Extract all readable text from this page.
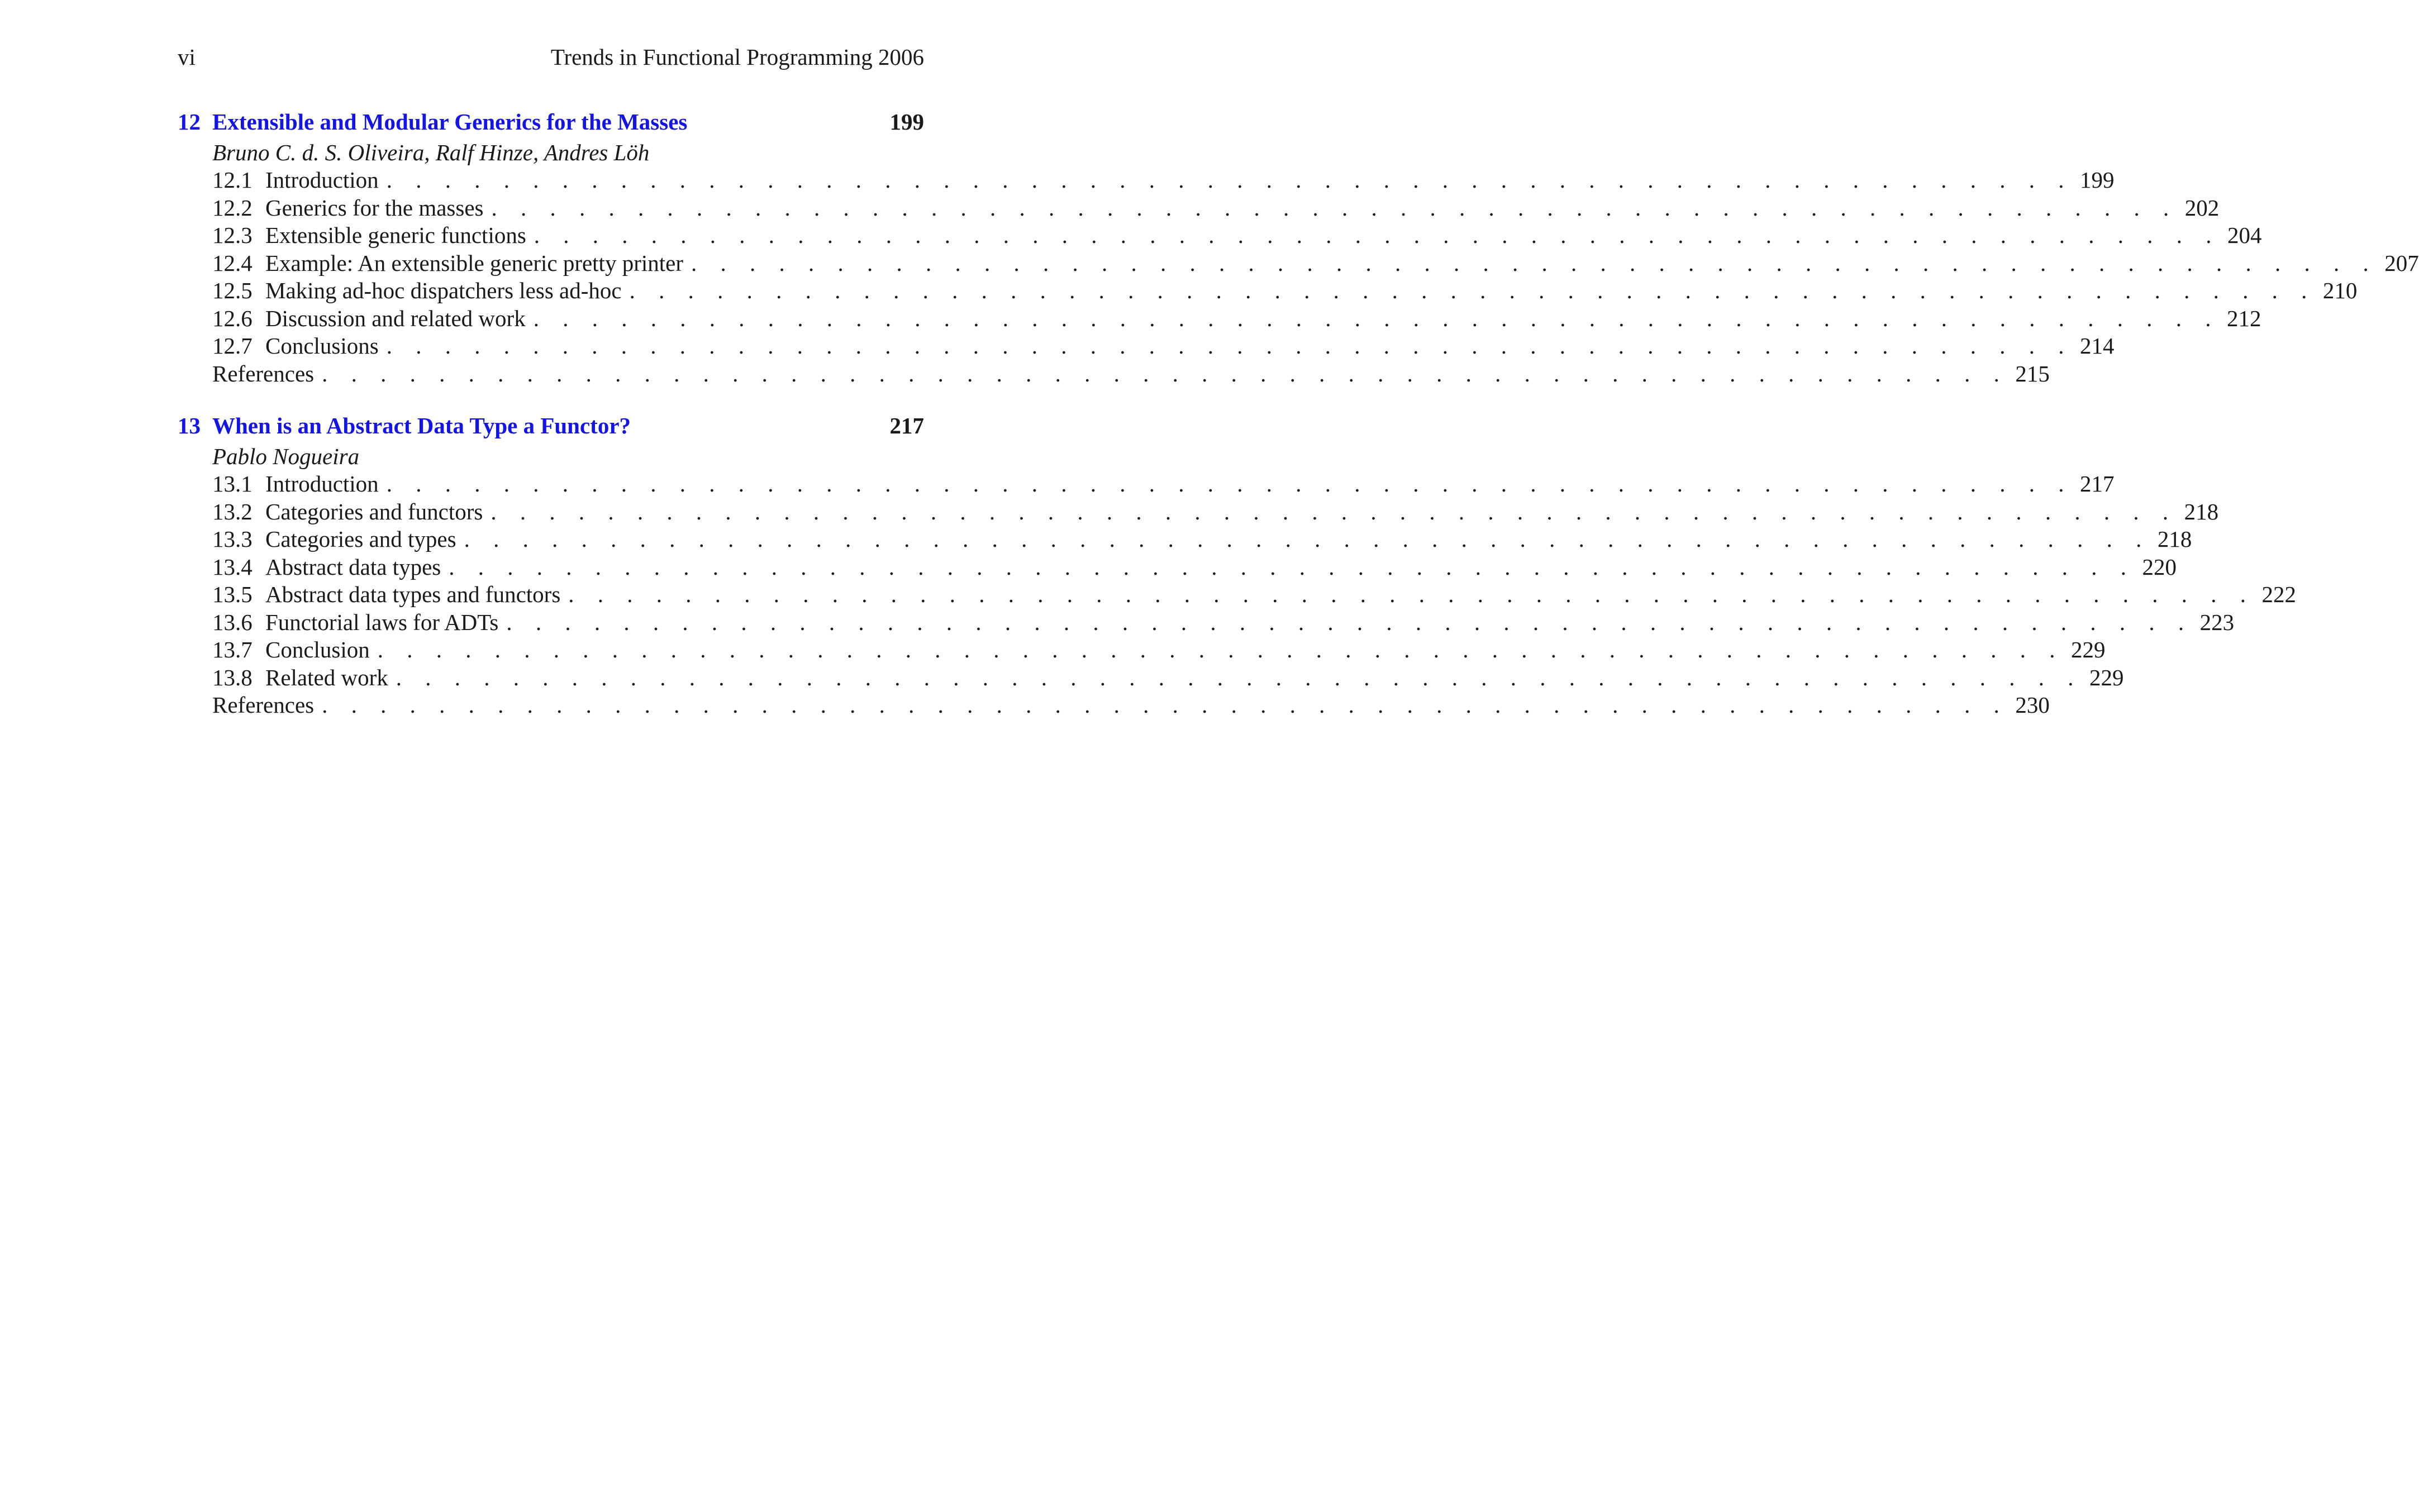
vi	Trends in Functional Programming 2006
12 Extensible and Modular Generics for the Masses	199
Bruno C. d. S. Oliveira, Ralf Hinze, Andres Löh
12.1 Introduction . . . . . . . . . . . . . . . . . . . . . . . . . . . . . . . . . . . . . . . . . . . . . . . . . . . . . . . . . . 199
12.2 Generics for the masses . . . . . . . . . . . . . . . . . . . . . . . . . . . . . . . . . . . . . . . . . . . . . . . . . . . . . . . . . . 202
12.3 Extensible generic functions . . . . . . . . . . . . . . . . . . . . . . . . . . . . . . . . . . . . . . . . . . . . . . . . . . . . . . . . . . 204
12.4 Example: An extensible generic pretty printer . . . . . . . . . . . . . . . . . . . . . . . . . . . . . . . . . . . . . . . . . . . . . . . . . . . . . . . . . . 207
12.5 Making ad-hoc dispatchers less ad-hoc . . . . . . . . . . . . . . . . . . . . . . . . . . . . . . . . . . . . . . . . . . . . . . . . . . . . . . . . . . 210
12.6 Discussion and related work . . . . . . . . . . . . . . . . . . . . . . . . . . . . . . . . . . . . . . . . . . . . . . . . . . . . . . . . . . 212
12.7 Conclusions . . . . . . . . . . . . . . . . . . . . . . . . . . . . . . . . . . . . . . . . . . . . . . . . . . . . . . . . . . 214
References . . . . . . . . . . . . . . . . . . . . . . . . . . . . . . . . . . . . . . . . . . . . . . . . . . . . . . . . . . 215
13 When is an Abstract Data Type a Functor?	217
Pablo Nogueira
13.1 Introduction . . . . . . . . . . . . . . . . . . . . . . . . . . . . . . . . . . . . . . . . . . . . . . . . . . . . . . . . . . 217
13.2 Categories and functors . . . . . . . . . . . . . . . . . . . . . . . . . . . . . . . . . . . . . . . . . . . . . . . . . . . . . . . . . . 218
13.3 Categories and types . . . . . . . . . . . . . . . . . . . . . . . . . . . . . . . . . . . . . . . . . . . . . . . . . . . . . . . . . . 218
13.4 Abstract data types . . . . . . . . . . . . . . . . . . . . . . . . . . . . . . . . . . . . . . . . . . . . . . . . . . . . . . . . . . 220
13.5 Abstract data types and functors . . . . . . . . . . . . . . . . . . . . . . . . . . . . . . . . . . . . . . . . . . . . . . . . . . . . . . . . . . 222
13.6 Functorial laws for ADTs . . . . . . . . . . . . . . . . . . . . . . . . . . . . . . . . . . . . . . . . . . . . . . . . . . . . . . . . . . 223
13.7 Conclusion . . . . . . . . . . . . . . . . . . . . . . . . . . . . . . . . . . . . . . . . . . . . . . . . . . . . . . . . . . 229
13.8 Related work . . . . . . . . . . . . . . . . . . . . . . . . . . . . . . . . . . . . . . . . . . . . . . . . . . . . . . . . . . 229
References . . . . . . . . . . . . . . . . . . . . . . . . . . . . . . . . . . . . . . . . . . . . . . . . . . . . . . . . . . 230
